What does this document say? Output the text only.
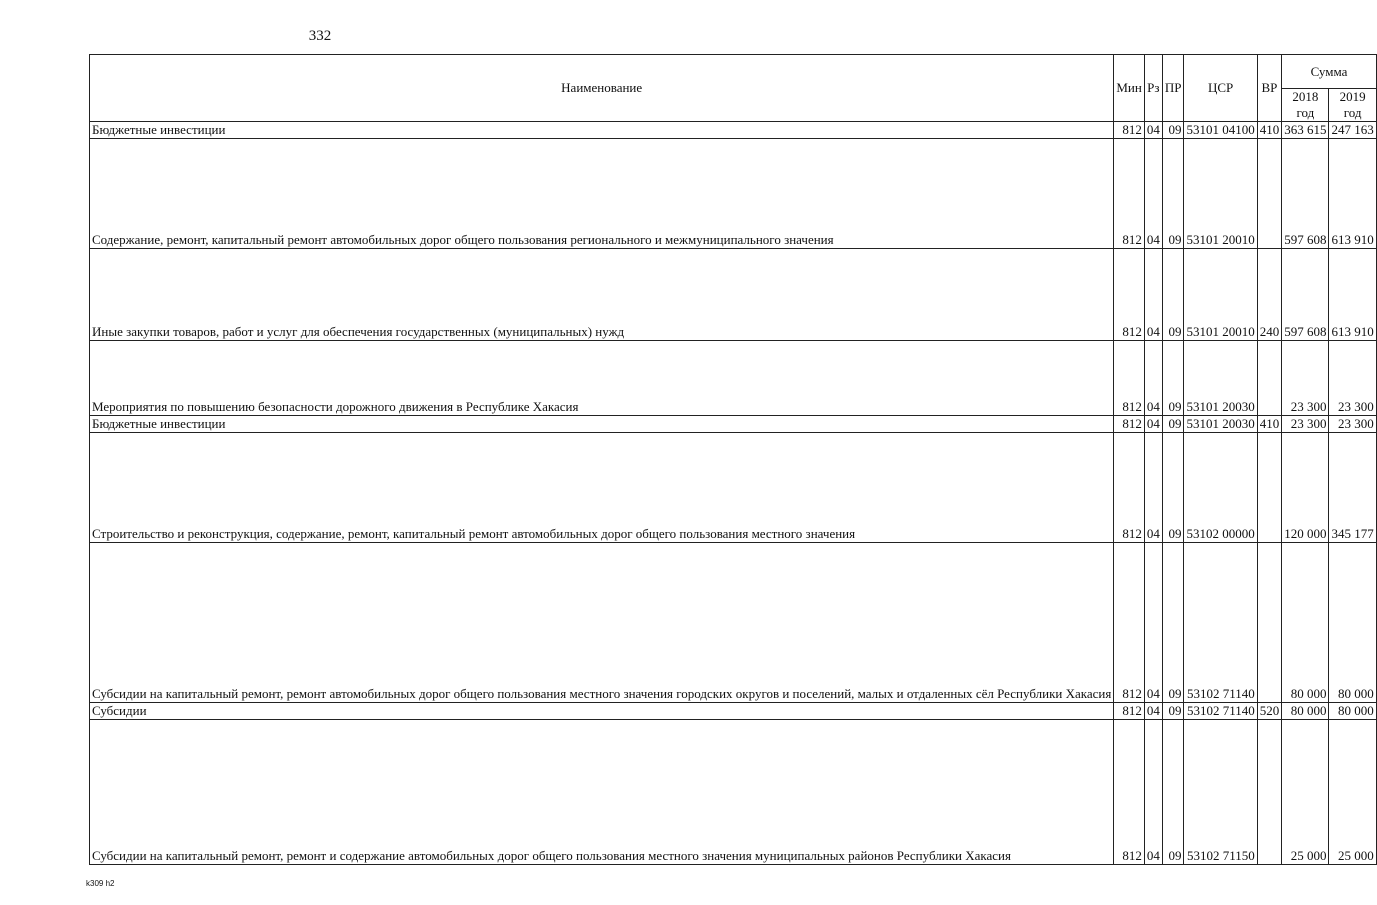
332
Наименование	Мин	Рз	ПР	ЦСР	ВР	Сумма	
						2018 год	2019 год
Бюджетные инвестиции	812	04	09	53101 04100	410	363 615	247 163
Содержание, ремонт, капитальный ремонт автомобильных дорог общего пользования регионального и межмуниципального значения	812	04	09	53101 20010		597 608	613 910
Иные закупки товаров, работ и услуг для обеспечения государственных (муниципальных) нужд	812	04	09	53101 20010	240	597 608	613 910
Мероприятия по повышению безопасности дорожного движения в Республике Хакасия	812	04	09	53101 20030		23 300	23 300
Бюджетные инвестиции	812	04	09	53101 20030	410	23 300	23 300
Строительство и реконструкция, содержание, ремонт, капитальный ремонт автомобильных дорог общего пользования местного значения	812	04	09	53102 00000		120 000	345 177
Субсидии на капитальный ремонт, ремонт автомобильных дорог общего пользования местного значения городских округов и поселений, малых и отдаленных сёл Республики Хакасия	812	04	09	53102 71140		80 000	80 000
Субсидии	812	04	09	53102 71140	520	80 000	80 000
Субсидии на капитальный ремонт, ремонт и содержание автомобильных дорог общего пользования местного значения муниципальных районов Республики Хакасия	812	04	09	53102 71150		25 000	25 000
k309 h2
